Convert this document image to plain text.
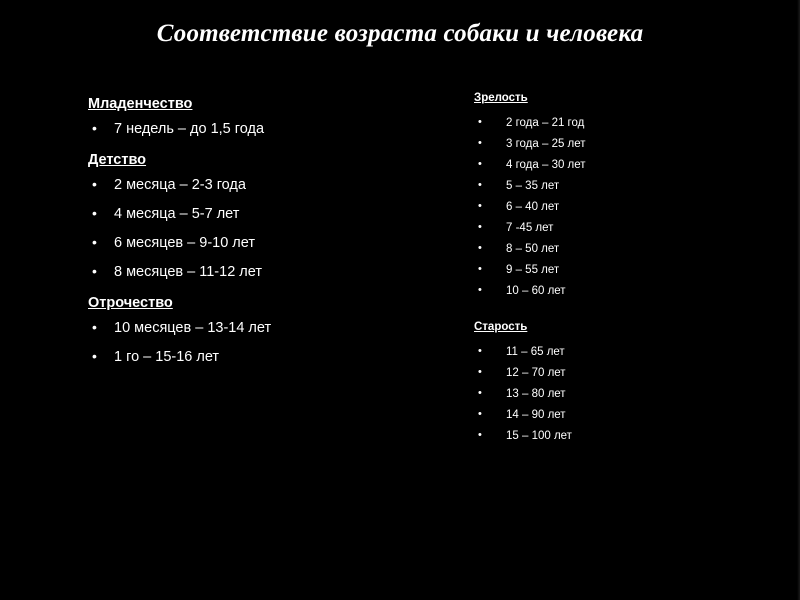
Соответствие возраста собаки и человека
Младенчество
• 7 недель – до 1,5 года
Детство
• 2 месяца – 2-3 года
• 4 месяца – 5-7 лет
• 6 месяцев – 9-10 лет
• 8 месяцев – 11-12 лет
Отрочество
• 10 месяцев – 13-14 лет
• 1 го – 15-16 лет
Зрелость
• 2 года – 21 год
• 3 года – 25 лет
• 4 года – 30 лет
• 5 – 35 лет
• 6 – 40 лет
• 7 -45 лет
• 8 – 50 лет
• 9 – 55 лет
• 10 – 60 лет
Старость
• 11 – 65 лет
• 12 – 70 лет
• 13 – 80 лет
• 14 – 90 лет
• 15 – 100 лет
